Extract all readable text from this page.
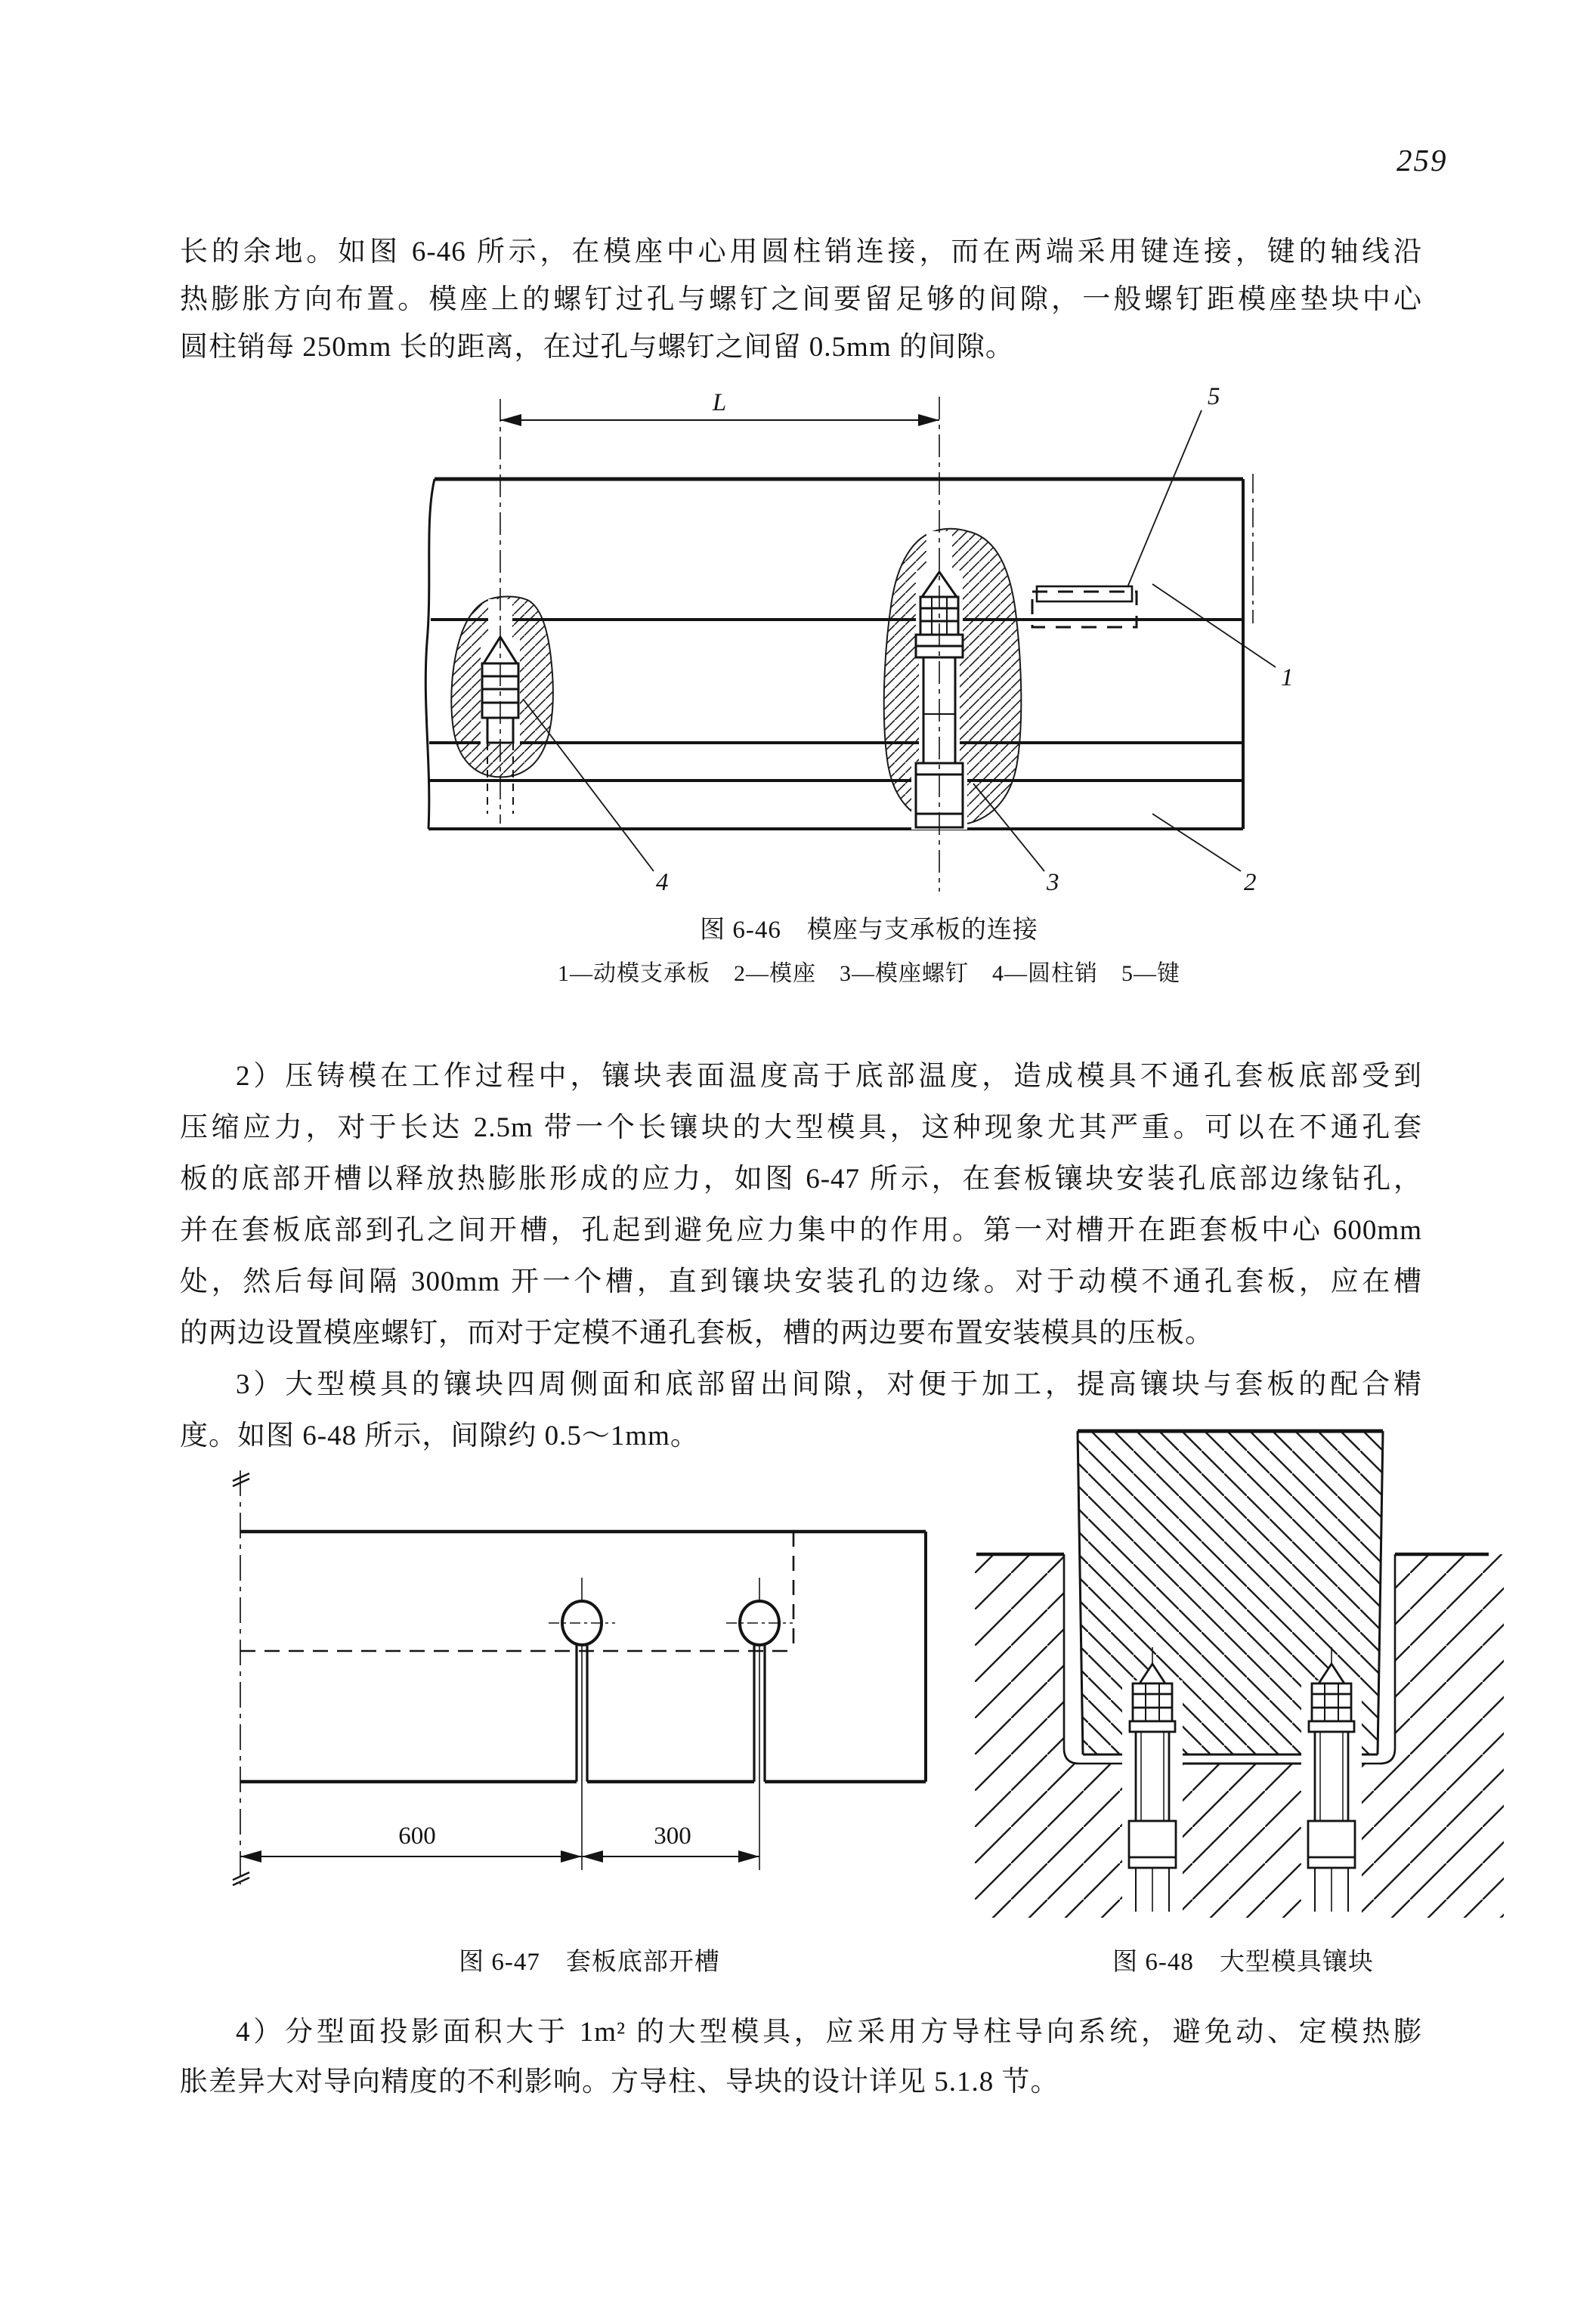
259
长的余地。如图 6-46 所示，在模座中心用圆柱销连接，而在两端采用键连接，键的轴线沿
热膨胀方向布置。模座上的螺钉过孔与螺钉之间要留足够的间隙，一般螺钉距模座垫块中心
圆柱销每 250mm 长的距离，在过孔与螺钉之间留 0.5mm 的间隙。
L	5
1
2
3
4
图 6-46　模座与支承板的连接
1—动模支承板　2—模座　3—模座螺钉　4—圆柱销　5—键
2）压铸模在工作过程中，镶块表面温度高于底部温度，造成模具不通孔套板底部受到
压缩应力，对于长达 2.5m 带一个长镶块的大型模具，这种现象尤其严重。可以在不通孔套
板的底部开槽以释放热膨胀形成的应力，如图 6-47 所示，在套板镶块安装孔底部边缘钻孔，
并在套板底部到孔之间开槽，孔起到避免应力集中的作用。第一对槽开在距套板中心 600mm
处，然后每间隔 300mm 开一个槽，直到镶块安装孔的边缘。对于动模不通孔套板，应在槽
的两边设置模座螺钉，而对于定模不通孔套板，槽的两边要布置安装模具的压板。
3）大型模具的镶块四周侧面和底部留出间隙，对便于加工，提高镶块与套板的配合精
度。如图 6-48 所示，间隙约 0.5～1mm。
600	300
图 6-47　套板底部开槽	图 6-48　大型模具镶块
4）分型面投影面积大于 1m² 的大型模具，应采用方导柱导向系统，避免动、定模热膨
胀差异大对导向精度的不利影响。方导柱、导块的设计详见 5.1.8 节。
